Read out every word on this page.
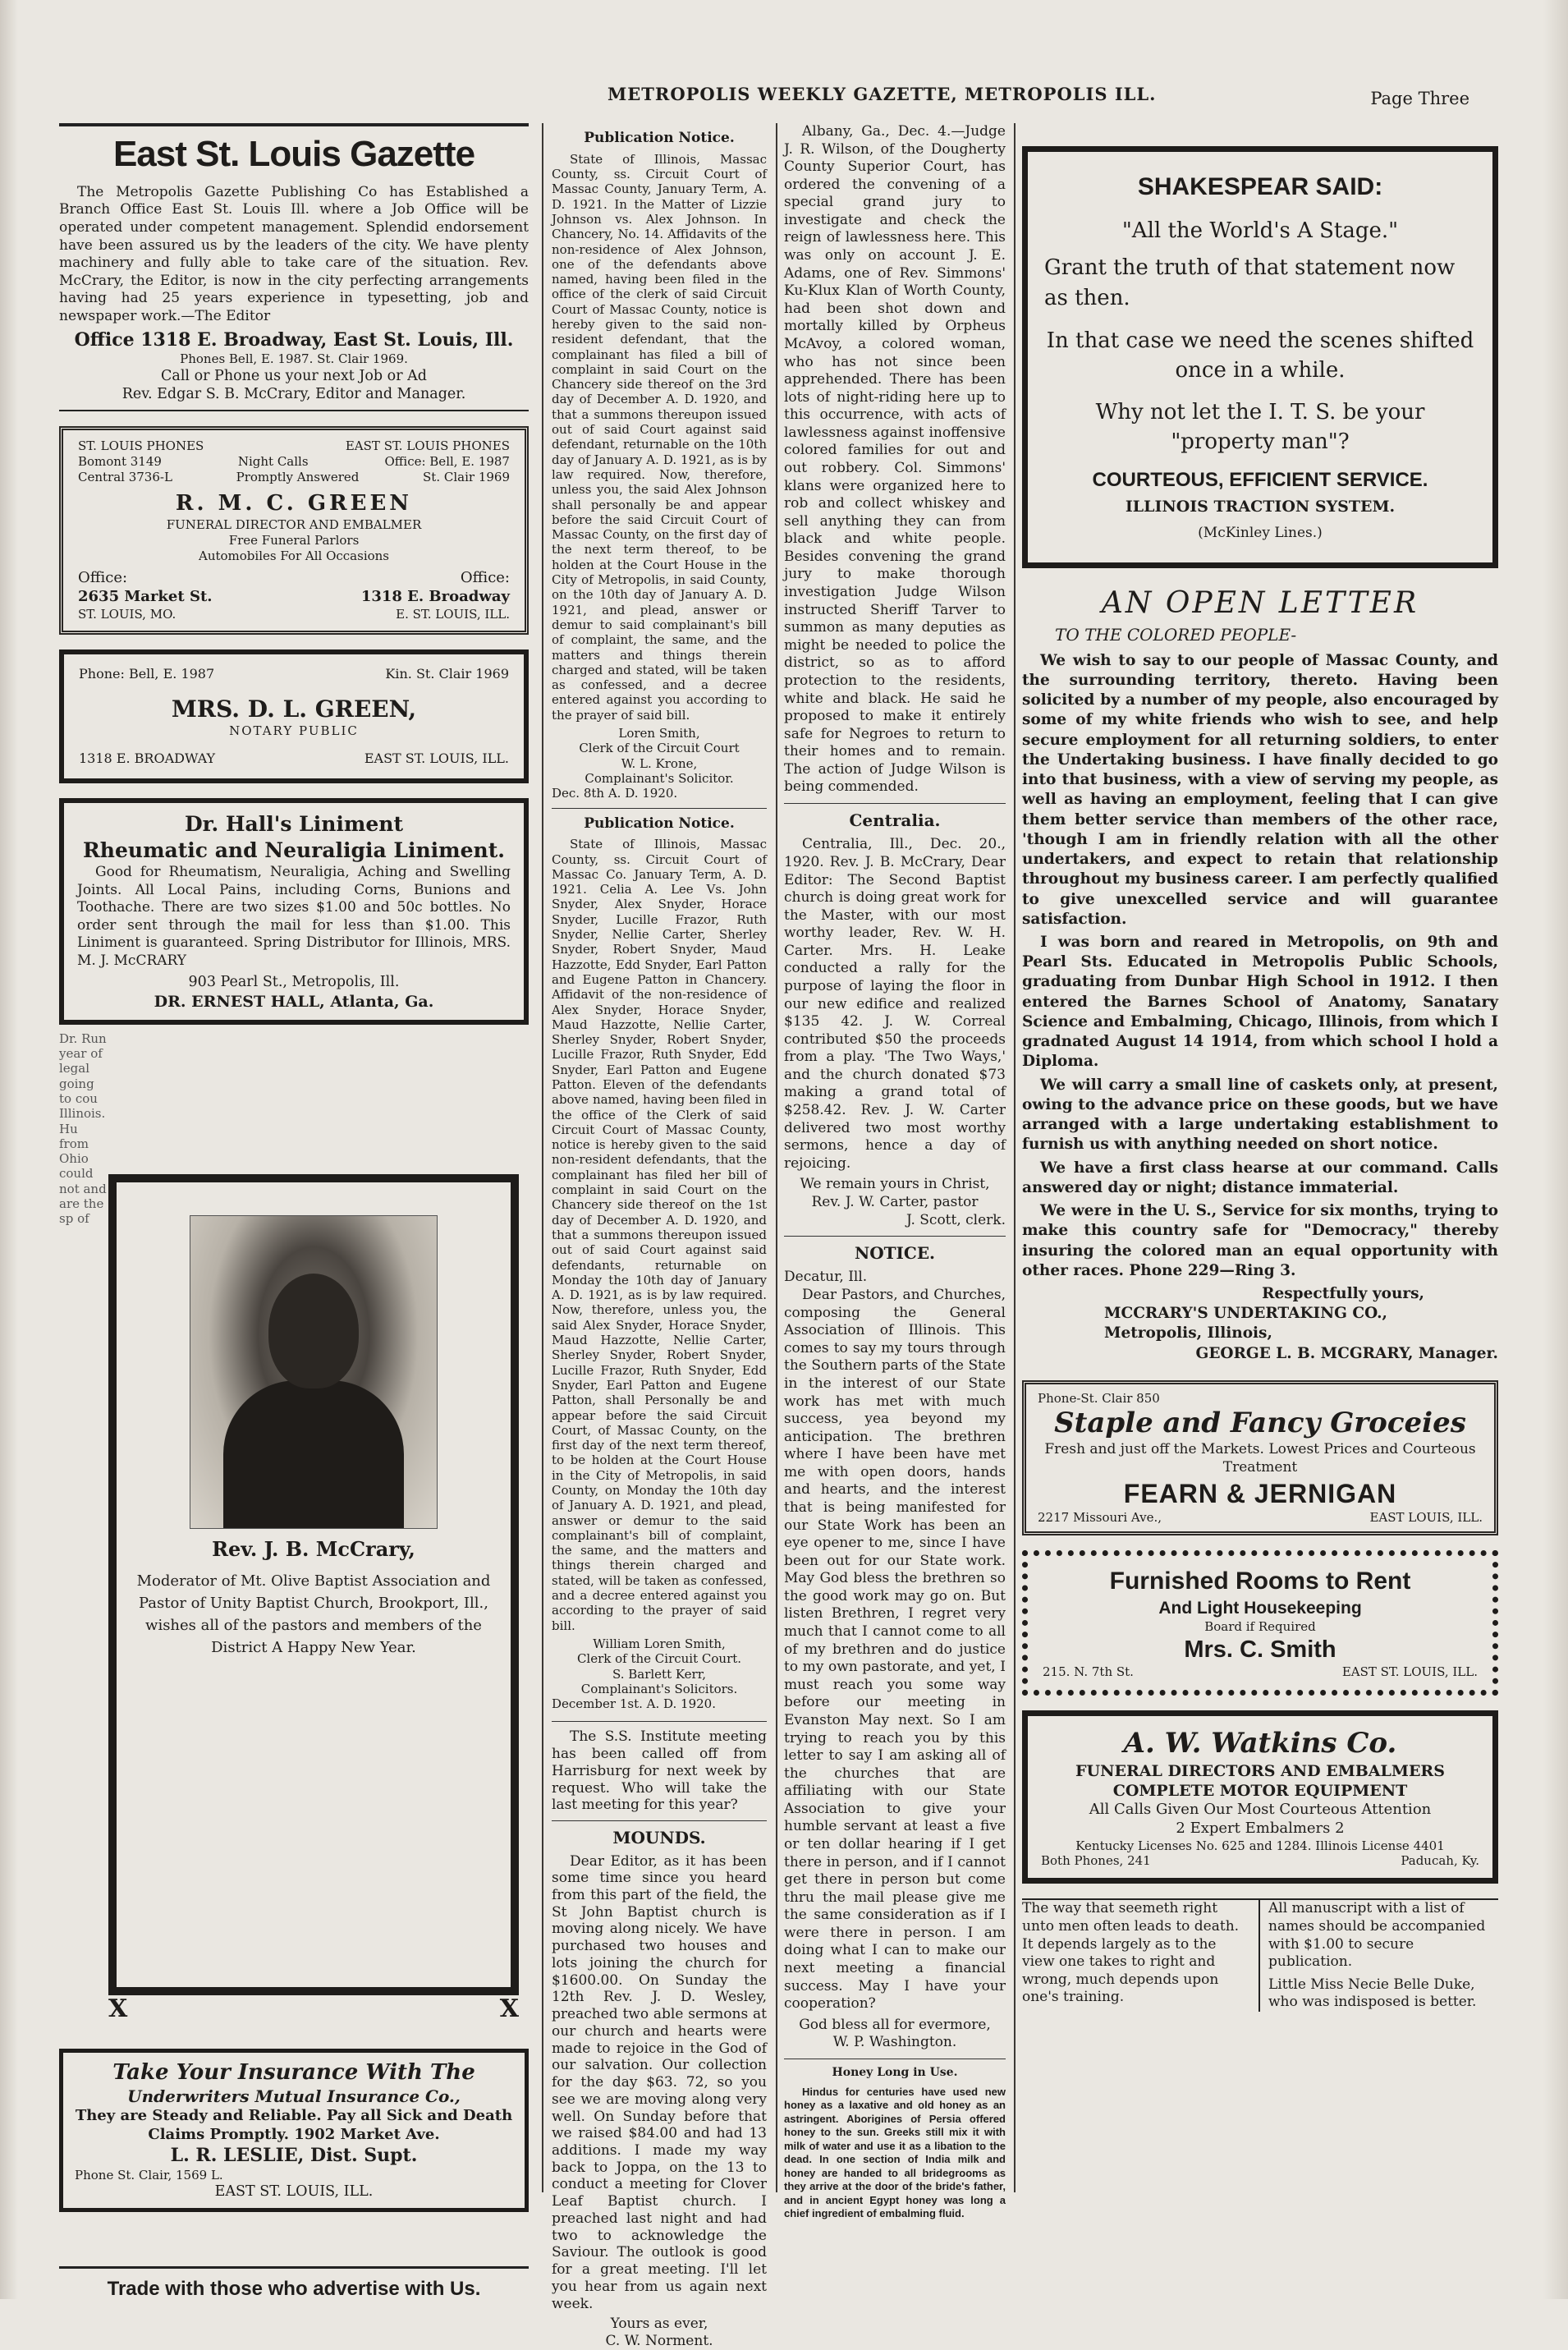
METROPOLIS WEEKLY GAZETTE, METROPOLIS ILL.	Page Three
East St. Louis Gazette

The Metropolis Gazette Publishing Co has Established a Branch Office East St. Louis Ill. where a Job Office will be operated under competent management. Splendid endorsement have been assured us by the leaders of the city. We have plenty machinery and fully able to take care of the situation. Rev. McCrary, the Editor, is now in the city perfecting arrangements having had 25 years experience in typesetting, job and newspaper work.—The Editor

Office 1318 E. Broadway, East St. Louis, Ill.
Phones Bell, E. 1987. St. Clair 1969.
Call or Phone us your next Job or Ad
Rev. Edgar S. B. McCrary, Editor and Manager.
ST. LOUIS PHONES	EAST ST. LOUIS PHONES
Bomont 3149	Night Calls	Office: Bell, E. 1987
Central 3736-L	Promptly Answered	St. Clair 1969
R. M. C. GREEN
FUNERAL DIRECTOR AND EMBALMER
Free Funeral Parlors
Automobiles For All Occasions
Office:	Office:
2635 Market St.	1318 E. Broadway
ST. LOUIS, MO.	E. ST. LOUIS, ILL.
Phone: Bell, E. 1987	Kin. St. Clair 1969
MRS. D. L. GREEN,
NOTARY PUBLIC
1318 E. BROADWAY	EAST ST. LOUIS, ILL.
Dr. Hall's Liniment
Rheumatic and Neuraligia Liniment.

Good for Rheumatism, Neuraligia, Aching and Swelling Joints. All Local Pains, including Corns, Bunions and Toothache. There are two sizes $1.00 and 50c bottles. No order sent through the mail for less than $1.00. This Liniment is guaranteed. Spring Distributor for Illinois, MRS. M. J. McCRARY

903 Pearl St., Metropolis, Ill.
DR. ERNEST HALL, Atlanta, Ga.
Dr. Run year of legal going to cou Illinois. Hu from Ohio could not and are the sp of
Rev. J. B. McCrary,
Moderator of Mt. Olive Baptist Association and Pastor of Unity Baptist Church, Brookport, Ill., wishes all of the pastors and members of the District A Happy New Year.
X	X
Take Your Insurance With The
Underwriters Mutual Insurance Co.,
They are Steady and Reliable. Pay all Sick and Death
Claims Promptly. 1902 Market Ave.
L. R. LESLIE, Dist. Supt.
Phone St. Clair, 1569 L.
EAST ST. LOUIS, ILL.
Trade with those who advertise with Us.
Publication Notice.

State of Illinois, Massac County, ss. Circuit Court of Massac County, January Term, A. D. 1921. In the Matter of Lizzie Johnson vs. Alex Johnson. In Chancery, No. 14. Affidavits of the non-residence of Alex Johnson, one of the defendants above named, having been filed in the office of the clerk of said Circuit Court of Massac County, notice is hereby given to the said non-resident defendant, that the complainant has filed a bill of complaint in said Court on the Chancery side thereof on the 3rd day of December A. D. 1920, and that a summons thereupon issued out of said Court against said defendant, returnable on the 10th day of January A. D. 1921, as is by law required. Now, therefore, unless you, the said Alex Johnson shall personally be and appear before the said Circuit Court of Massac County, on the first day of the next term thereof, to be holden at the Court House in the City of Metropolis, in said County, on the 10th day of January A. D. 1921, and plead, answer or demur to said complainant's bill of complaint, the same, and the matters and things therein charged and stated, will be taken as confessed, and a decree entered against you according to the prayer of said bill.

Loren Smith,
Clerk of the Circuit Court
W. L. Krone,
Complainant's Solicitor.
Dec. 8th A. D. 1920.
Publication Notice.

State of Illinois, Massac County, ss. Circuit Court of Massac Co. January Term, A. D. 1921. Celia A. Lee Vs. John Snyder, Alex Snyder, Horace Snyder, Lucille Frazor, Ruth Snyder, Nellie Carter, Sherley Snyder, Robert Snyder, Maud Hazzotte, Edd Snyder, Earl Patton and Eugene Patton in Chancery. Affidavit of the non-residence of Alex Snyder, Horace Snyder, Maud Hazzotte, Nellie Carter, Sherley Snyder, Robert Snyder, Lucille Frazor, Ruth Snyder, Edd Snyder, Earl Patton and Eugene Patton. Eleven of the defendants above named, having been filed in the office of the Clerk of said Circuit Court of Massac County, notice is hereby given to the said non-resident defendants, that the complainant has filed her bill of complaint in said Court on the Chancery side thereof on the 1st day of December A. D. 1920, and that a summons thereupon issued out of said Court against said defendants, returnable on Monday the 10th day of January A. D. 1921, as is by law required. Now, therefore, unless you, the said Alex Snyder, Horace Snyder, Maud Hazzotte, Nellie Carter, Sherley Snyder, Robert Snyder, Lucille Frazor, Ruth Snyder, Edd Snyder, Earl Patton and Eugene Patton, shall Personally be and appear before the said Circuit Court, of Massac County, on the first day of the next term thereof, to be holden at the Court House in the City of Metropolis, in said County, on Monday the 10th day of January A. D. 1921, and plead, answer or demur to the said complainant's bill of complaint, the same, and the matters and things therein charged and stated, will be taken as confessed, and a decree entered against you according to the prayer of said bill.

William Loren Smith,
Clerk of the Circuit Court.
S. Barlett Kerr,
Complainant's Solicitors.
December 1st. A. D. 1920.

The S.S. Institute meeting has been called off from Harrisburg for next week by request. Who will take the last meeting for this year?

MOUNDS.

Dear Editor, as it has been some time since you heard from this part of the field, the St John Baptist church is moving along nicely. We have purchased two houses and lots joining the church for $1600.00. On Sunday the 12th Rev. J. D. Wesley, preached two able sermons at our church and hearts were made to rejoice in the God of our salvation. Our collection for the day $63. 72, so you see we are moving along very well. On Sunday before that we raised $84.00 and had 13 additions. I made my way back to Joppa, on the 13 to conduct a meeting for Clover Leaf Baptist church. I preached last night and had two to acknowledge the Saviour. The outlook is good for a great meeting. I'll let you hear from us again next week.

Yours as ever,
C. W. Norment.

Albany, Ga., Dec. 4.—Judge J. R. Wilson, of the Dougherty County Superior Court, has ordered the convening of a special grand jury to investigate and check the reign of lawlessness here. This was only on account J. E. Adams, one of Rev. Simmons' Ku-Klux Klan of Worth County, had been shot down and mortally killed by Orpheus McAvoy, a colored woman, who has not since been apprehended. There has been lots of night-riding here up to this occurrence, with acts of lawlessness against inoffensive colored families for out and out robbery. Col. Simmons' klans were organized here to rob and collect whiskey and sell anything they can from black and white people. Besides convening the grand jury to make thorough investigation Judge Wilson instructed Sheriff Tarver to summon as many deputies as might be needed to police the district, so as to afford protection to the residents, white and black. He said he proposed to make it entirely safe for Negroes to return to their homes and to remain. The action of Judge Wilson is being commended.

Centralia.

Centralia, Ill., Dec. 20., 1920. Rev. J. B. McCrary, Dear Editor: The Second Baptist church is doing great work for the Master, with our most worthy leader, Rev. W. H. Carter. Mrs. H. Leake conducted a rally for the purpose of laying the floor in our new edifice and realized $135 42. J. W. Correal contributed $50 the proceeds from a play. 'The Two Ways,' and the church donated $73 making a grand total of $258.42. Rev. J. W. Carter delivered two most worthy sermons, hence a day of rejoicing.

We remain yours in Christ,
Rev. J. W. Carter, pastor
J. Scott, clerk.
NOTICE.
Decatur, Ill.

Dear Pastors, and Churches, composing the General Association of Illinois. This comes to say my tours through the Southern parts of the State in the interest of our State work has met with much success, yea beyond my anticipation. The brethren where I have been have met me with open doors, hands and hearts, and the interest that is being manifested for our State Work has been an eye opener to me, since I have been out for our State work. May God bless the brethren so the good work may go on. But listen Brethren, I regret very much that I cannot come to all of my brethren and do justice to my own pastorate, and yet, I must reach you some way before our meeting in Evanston May next. So I am trying to reach you by this letter to say I am asking all of the churches that are affiliating with our State Association to give your humble servant at least a five or ten dollar hearing if I get there in person, and if I cannot get there in person but come thru the mail please give me the same consideration as if I were there in person. I am doing what I can to make our next meeting a financial success. May I have your cooperation?

God bless all for evermore,
W. P. Washington.
Honey Long in Use.

Hindus for centuries have used new honey as a laxative and old honey as an astringent. Aborigines of Persia offered honey to the sun. Greeks still mix it with milk of water and use it as a libation to the dead. In one section of India milk and honey are handed to all bridegrooms as they arrive at the door of the bride's father, and in ancient Egypt honey was long a chief ingredient of embalming fluid.

SHAKESPEAR SAID:
"All the World's A Stage."
Grant the truth of that statement now as then.
In that case we need the scenes shifted once in a while.
Why not let the I. T. S. be your "property man"?
COURTEOUS, EFFICIENT SERVICE.
ILLINOIS TRACTION SYSTEM.
(McKinley Lines.)
AN OPEN LETTER
TO THE COLORED PEOPLE-

We wish to say to our people of Massac County, and the surrounding territory, thereto. Having been solicited by a number of my people, also encouraged by some of my white friends who wish to see, and help secure employment for all returning soldiers, to enter the Undertaking business. I have finally decided to go into that business, with a view of serving my people, as well as having an employment, feeling that I can give them better service than members of the other race, 'though I am in friendly relation with all the other undertakers, and expect to retain that relationship throughout my business career. I am perfectly qualified to give unexcelled service and will guarantee satisfaction.

I was born and reared in Metropolis, on 9th and Pearl Sts. Educated in Metropolis Public Schools, graduating from Dunbar High School in 1912. I then entered the Barnes School of Anatomy, Sanatary Science and Embalming, Chicago, Illinois, from which I gradnated August 14 1914, from which school I hold a Diploma.

We will carry a small line of caskets only, at present, owing to the advance price on these goods, but we have arranged with a large undertaking establishment to furnish us with anything needed on short notice.

We have a first class hearse at our command. Calls answered day or night; distance immaterial.

We were in the U. S., Service for six months, trying to make this country safe for "Democracy," thereby insuring the colored man an equal opportunity with other races. Phone 229—Ring 3.

Respectfully yours,
MCCRARY'S UNDERTAKING CO.,
Metropolis, Illinois,
GEORGE L. B. MCGRARY, Manager.
Phone-St. Clair 850
Staple and Fancy Groceies
Fresh and just off the Markets. Lowest Prices and Courteous Treatment
FEARN & JERNIGAN
2217 Missouri Ave.,	EAST LOUIS, ILL.
Furnished Rooms to Rent
And Light Housekeeping
Board if Required
Mrs. C. Smith
215. N. 7th St.	EAST ST. LOUIS, ILL.
A. W. Watkins Co.
FUNERAL DIRECTORS AND EMBALMERS
COMPLETE MOTOR EQUIPMENT
All Calls Given Our Most Courteous Attention
2 Expert Embalmers 2
Kentucky Licenses No. 625 and 1284. Illinois License 4401
Both Phones, 241	Paducah, Ky.
The way that seemeth right unto men often leads to death. It depends largely as to the view one takes to right and wrong, much depends upon one's training.
All manuscript with a list of names should be accompanied with $1.00 to secure publication.
Little Miss Necie Belle Duke, who was indisposed is better.
